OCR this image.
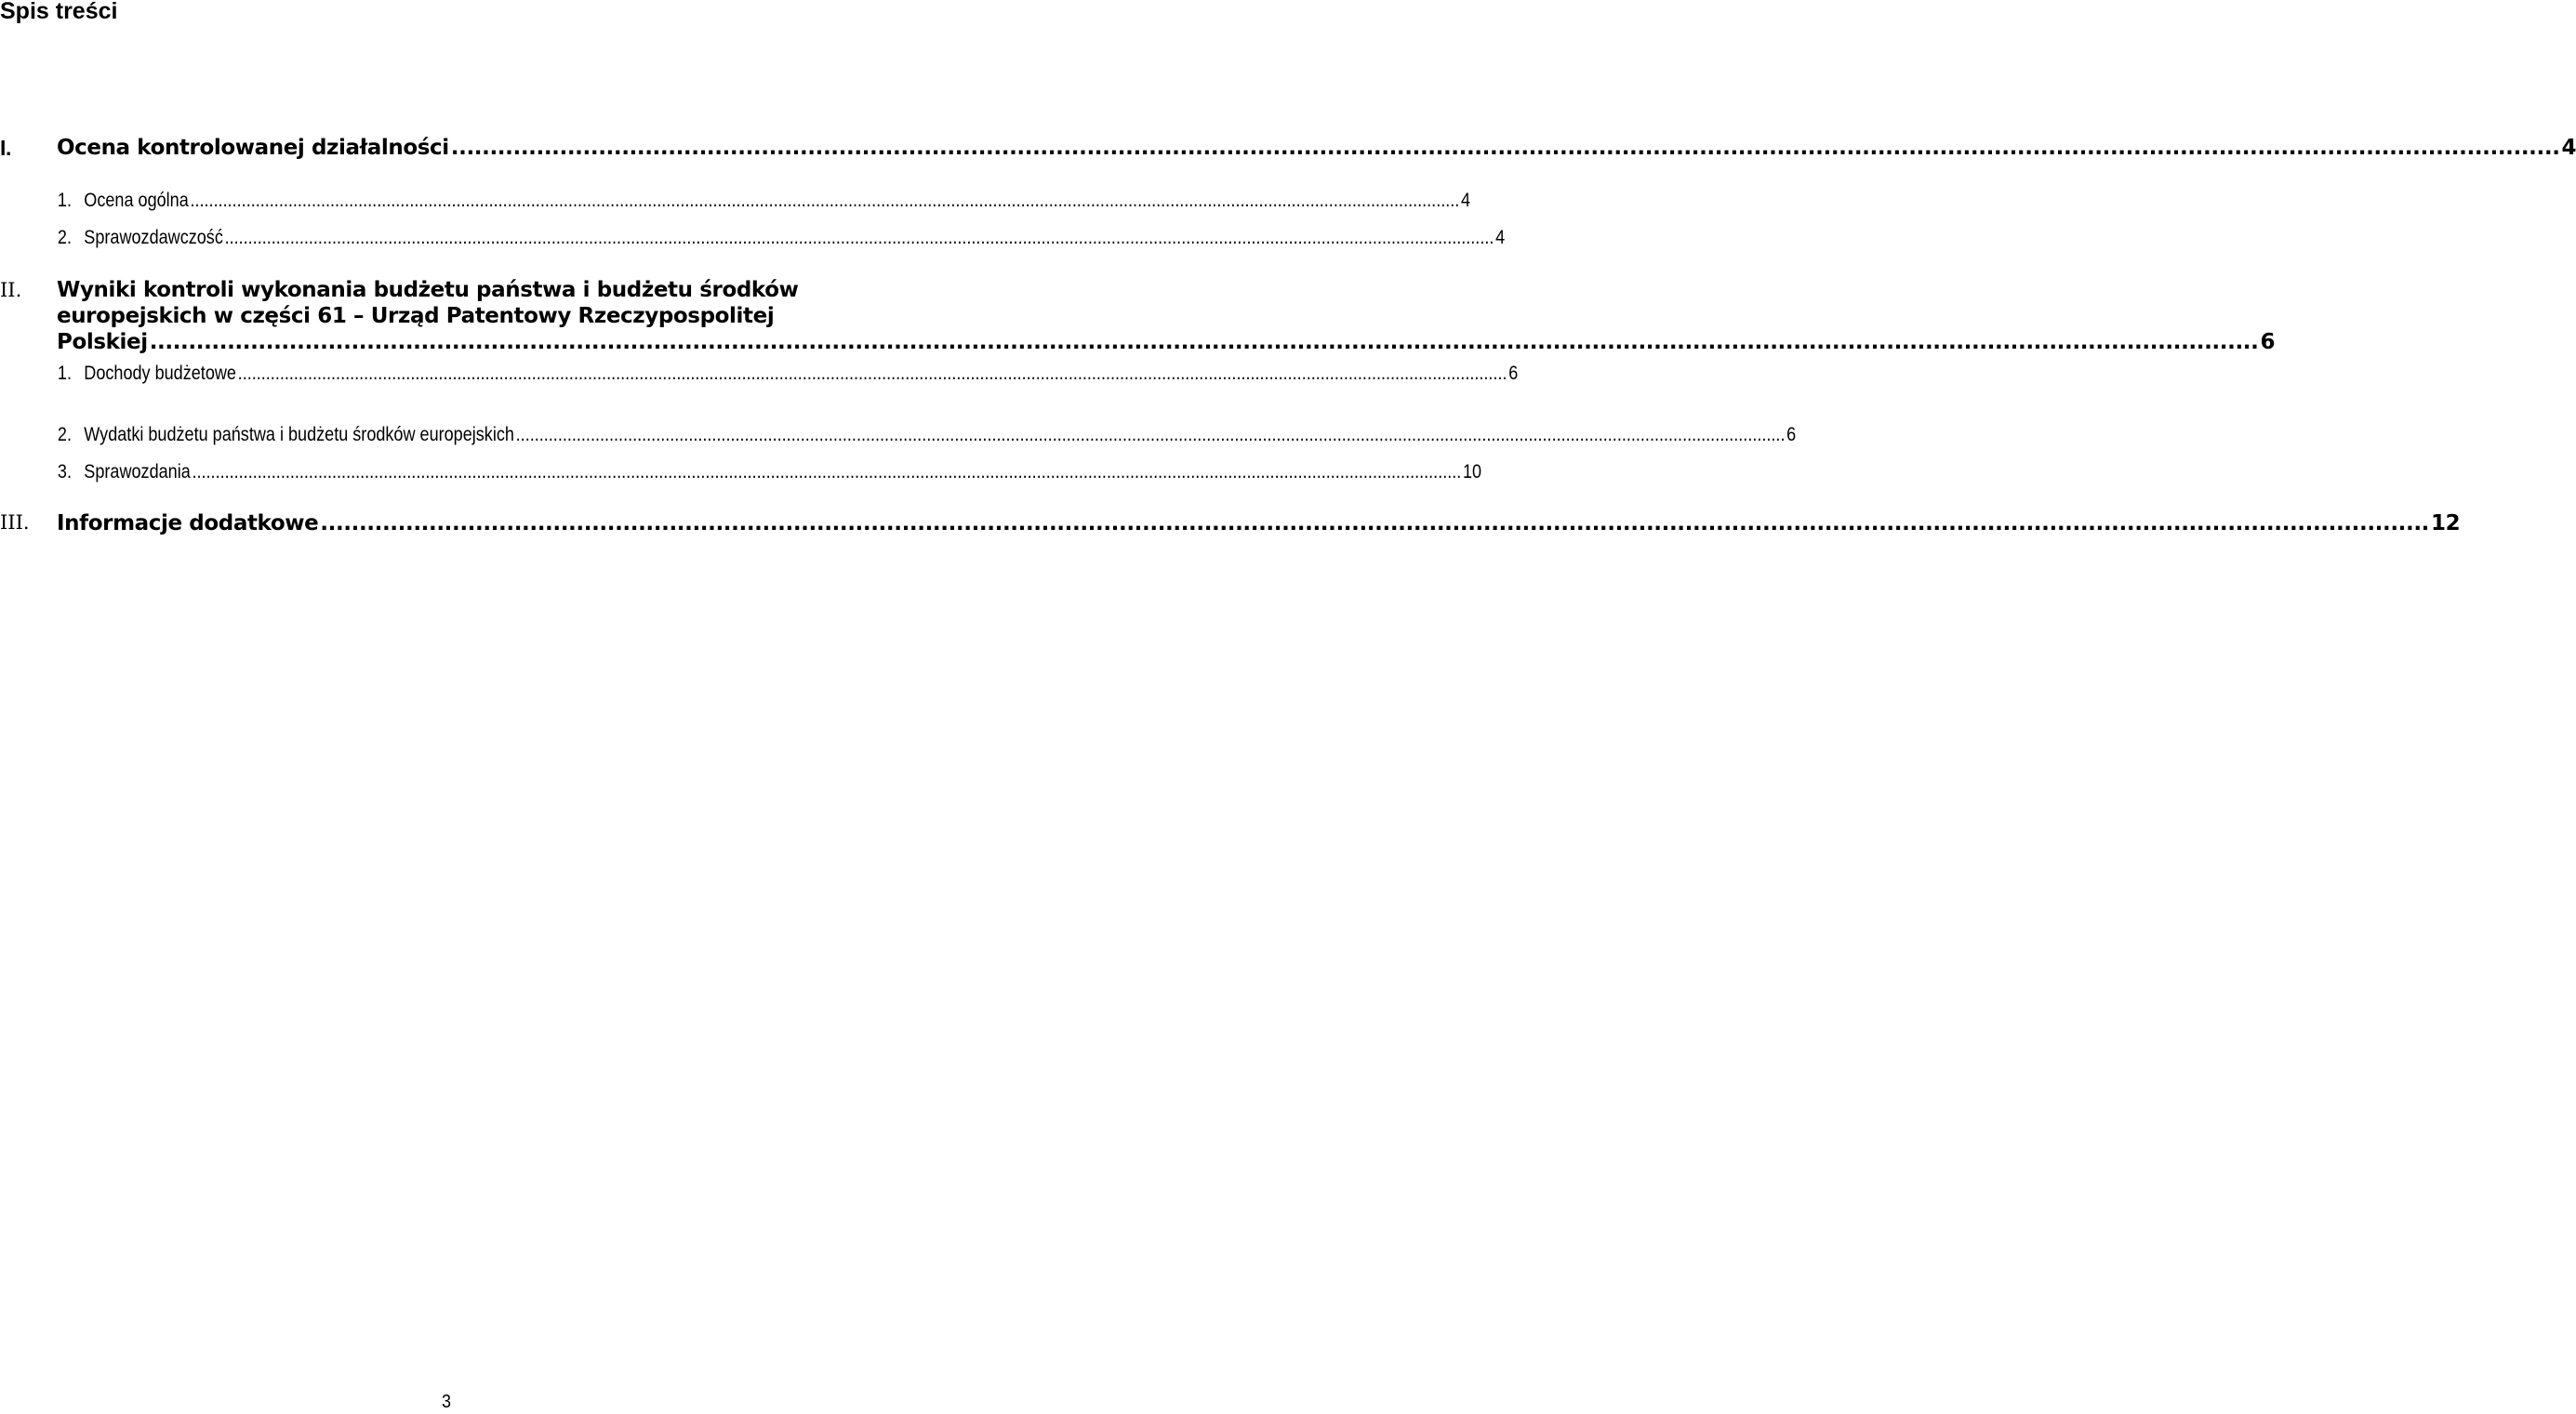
Spis treści
I. Ocena kontrolowanej działalności .....	4
1. Ocena ogólna .....	4
2. Sprawozdawczość .....	4
II. Wyniki kontroli wykonania budżetu państwa i budżetu środków
europejskich w części 61 – Urząd Patentowy Rzeczypospolitej
Polskiej .....	6
1. Dochody budżetowe .....	6
2. Wydatki budżetu państwa i budżetu środków europejskich .....	6
3. Sprawozdania .....	10
III. Informacje dodatkowe .....	12
3
